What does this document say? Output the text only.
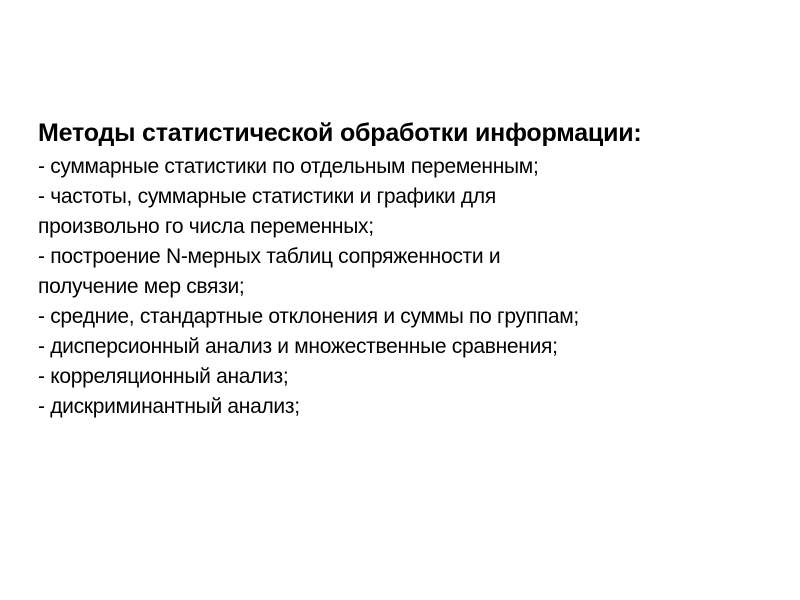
Методы статистической обработки информации:
- суммарные статистики по отдельным переменным;
- частоты, суммарные статистики и графики для
произвольно го числа переменных;
- построение N-мерных таблиц сопряженности и
получение мер связи;
- средние, стандартные отклонения и суммы по группам;
- дисперсионный анализ и множественные сравнения;
- корреляционный анализ;
- дискриминантный анализ;
